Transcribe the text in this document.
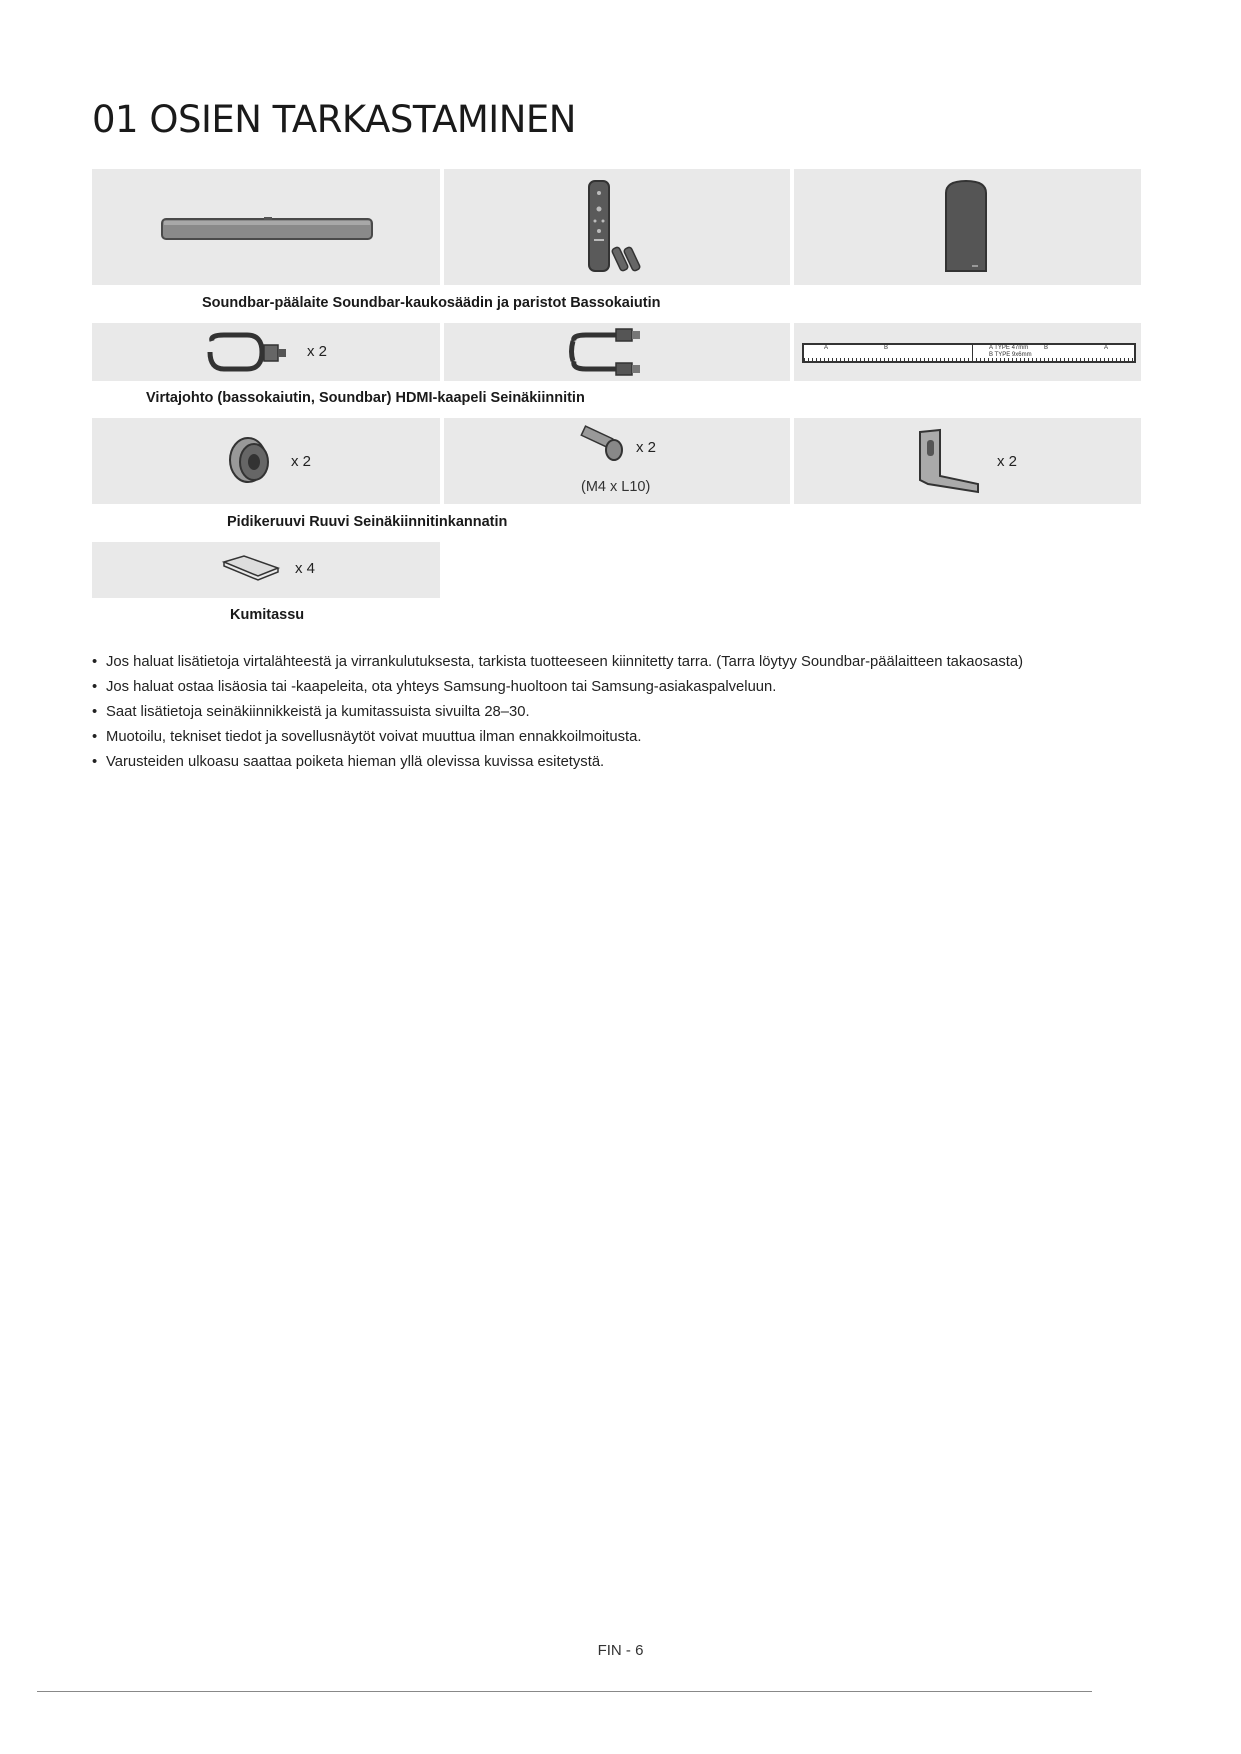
01 OSIEN TARKASTAMINEN
Soundbar-päälaite Soundbar-kaukosäädin ja paristot Bassokaiutin
x 2	A	B	A TYPE 47mm
B TYPE 9x6mm
B	A
Virtajohto (bassokaiutin, Soundbar) HDMI-kaapeli Seinäkiinnitin
x 2
x 2
(M4 x L10)
x 2
Pidikeruuvi Ruuvi Seinäkiinnitinkannatin
x 4
Kumitassu
• Jos haluat lisätietoja virtalähteestä ja virrankulutuksesta, tarkista tuotteeseen kiinnitetty tarra. (Tarra löytyy Soundbar-päälaitteen takaosasta)
• Jos haluat ostaa lisäosia tai -kaapeleita, ota yhteys Samsung-huoltoon tai Samsung-asiakaspalveluun.
• Saat lisätietoja seinäkiinnikkeistä ja kumitassuista sivuilta 28–30.
• Muotoilu, tekniset tiedot ja sovellusnäytöt voivat muuttua ilman ennakkoilmoitusta.
• Varusteiden ulkoasu saattaa poiketa hieman yllä olevissa kuvissa esitetystä.
FIN - 6
